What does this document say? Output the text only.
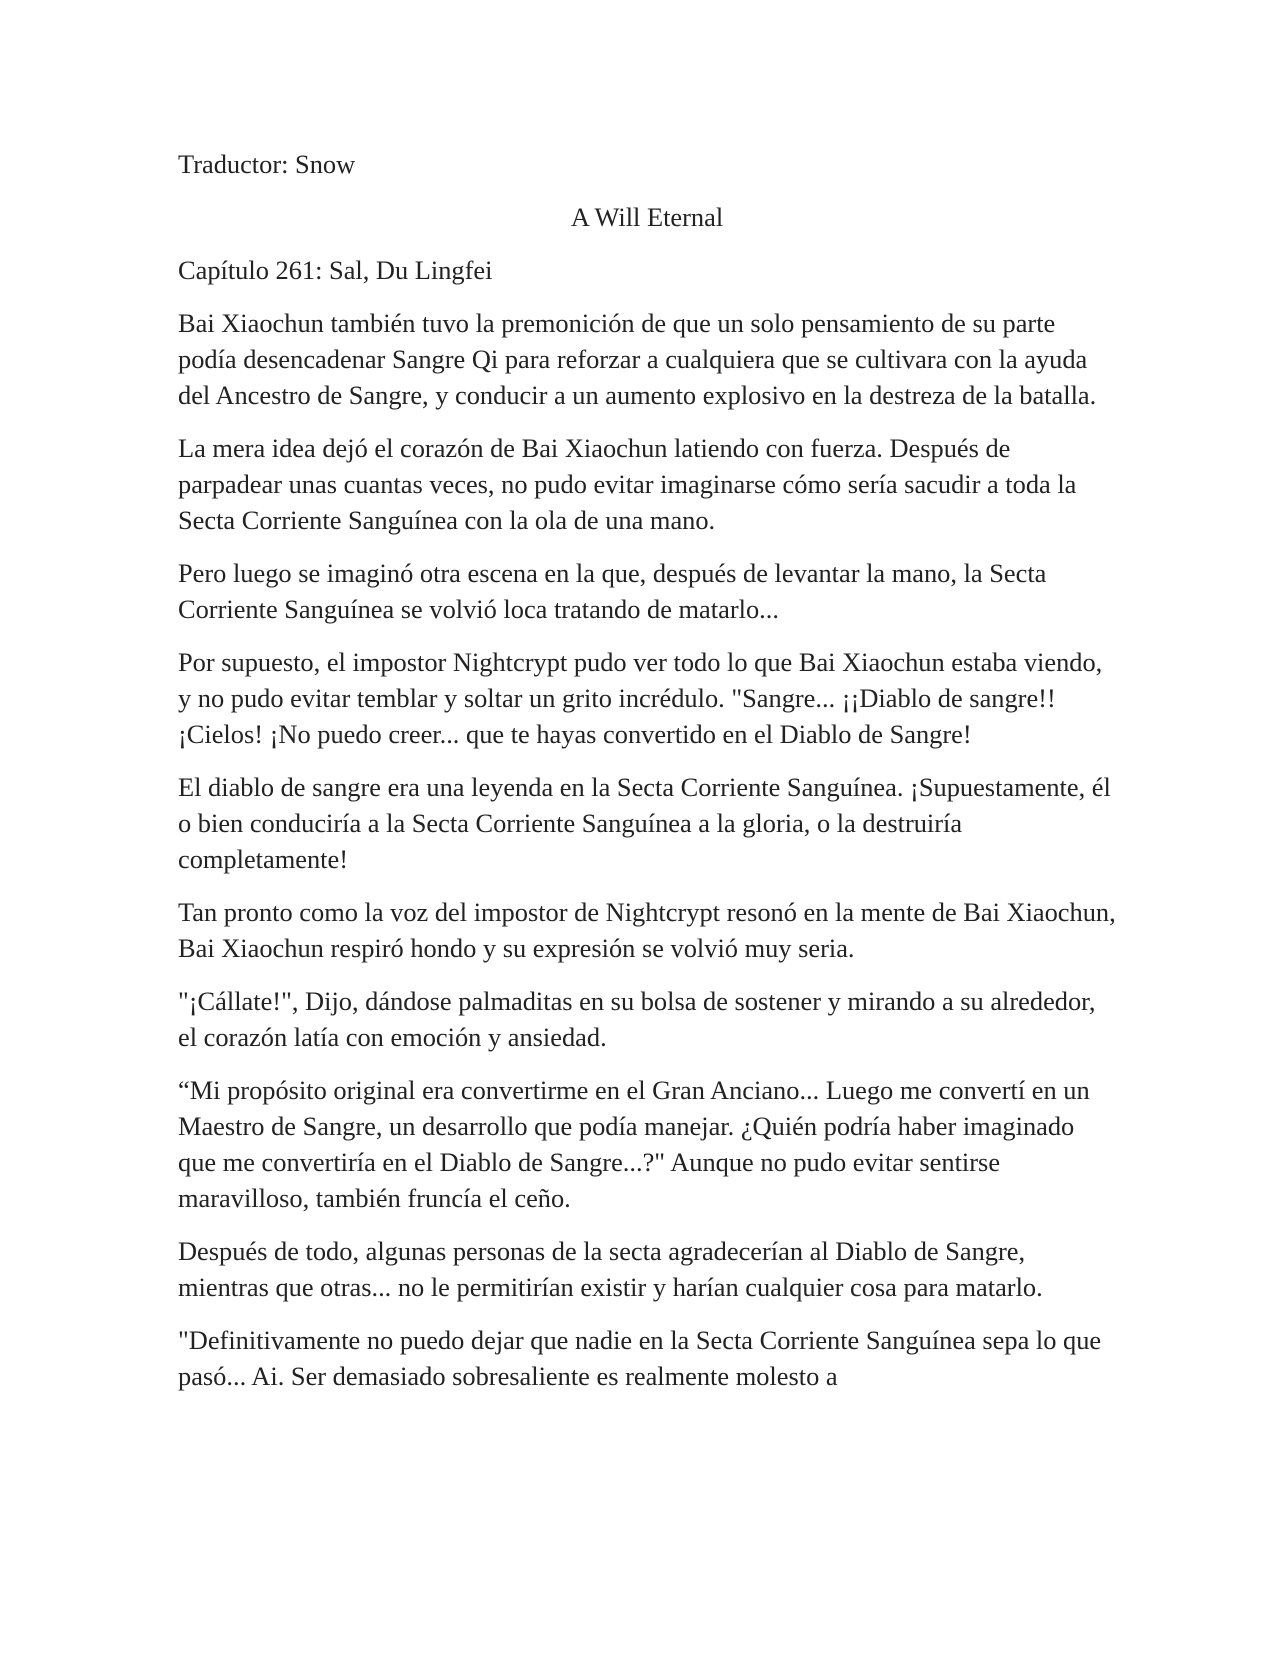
Traductor: Snow
A Will Eternal
Capítulo 261: Sal, Du Lingfei

Bai Xiaochun también tuvo la premonición de que un solo pensamiento de su parte podía desencadenar Sangre Qi para reforzar a cualquiera que se cultivara con la ayuda del Ancestro de Sangre, y conducir a un aumento explosivo en la destreza de la batalla.

La mera idea dejó el corazón de Bai Xiaochun latiendo con fuerza. Después de parpadear unas cuantas veces, no pudo evitar imaginarse cómo sería sacudir a toda la Secta Corriente Sanguínea con la ola de una mano.

Pero luego se imaginó otra escena en la que, después de levantar la mano, la Secta Corriente Sanguínea se volvió loca tratando de matarlo...

Por supuesto, el impostor Nightcrypt pudo ver todo lo que Bai Xiaochun estaba viendo, y no pudo evitar temblar y soltar un grito incrédulo. "Sangre... ¡¡Diablo de sangre!! ¡Cielos! ¡No puedo creer... que te hayas convertido en el Diablo de Sangre!

El diablo de sangre era una leyenda en la Secta Corriente Sanguínea. ¡Supuestamente, él o bien conduciría a la Secta Corriente Sanguínea a la gloria, o la destruiría completamente!

Tan pronto como la voz del impostor de Nightcrypt resonó en la mente de Bai Xiaochun, Bai Xiaochun respiró hondo y su expresión se volvió muy seria.

"¡Cállate!", Dijo, dándose palmaditas en su bolsa de sostener y mirando a su alrededor, el corazón latía con emoción y ansiedad.

“Mi propósito original era convertirme en el Gran Anciano... Luego me convertí en un Maestro de Sangre, un desarrollo que podía manejar. ¿Quién podría haber imaginado que me convertiría en el Diablo de Sangre...?" Aunque no pudo evitar sentirse maravilloso, también fruncía el ceño.

Después de todo, algunas personas de la secta agradecerían al Diablo de Sangre, mientras que otras... no le permitirían existir y harían cualquier cosa para matarlo.

"Definitivamente no puedo dejar que nadie en la Secta Corriente Sanguínea sepa lo que pasó... Ai. Ser demasiado sobresaliente es realmente molesto a
